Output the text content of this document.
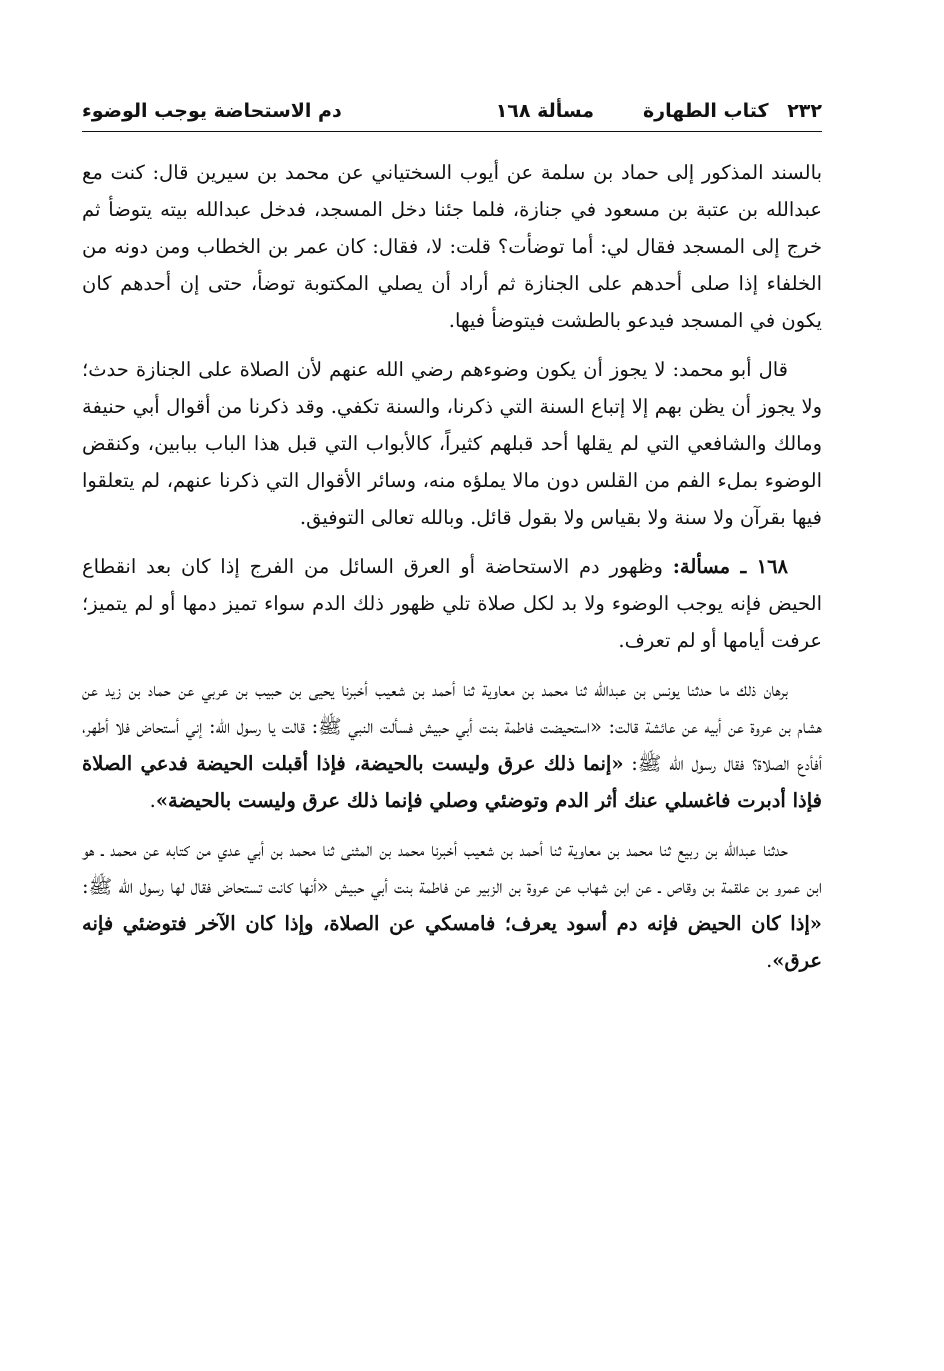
٢٣٢ كتاب الطهارة
مسألة ١٦٨
دم الاستحاضة يوجب الوضوء

بالسند المذكور إلى حماد بن سلمة عن أيوب السختياني عن محمد بن سيرين قال: كنت مع عبدالله بن عتبة بن مسعود في جنازة، فلما جئنا دخل المسجد، فدخل عبدالله بيته يتوضأ ثم خرج إلى المسجد فقال لي: أما توضأت؟ قلت: لا، فقال: كان عمر بن الخطاب ومن دونه من الخلفاء إذا صلى أحدهم على الجنازة ثم أراد أن يصلي المكتوبة توضأ، حتى إن أحدهم كان يكون في المسجد فيدعو بالطشت فيتوضأ فيها.

قال أبو محمد: لا يجوز أن يكون وضوءهم رضي الله عنهم لأن الصلاة على الجنازة حدث؛ ولا يجوز أن يظن بهم إلا إتباع السنة التي ذكرنا، والسنة تكفي. وقد ذكرنا من أقوال أبي حنيفة ومالك والشافعي التي لم يقلها أحد قبلهم كثيراً، كالأبواب التي قبل هذا الباب ببابين، وكنقض الوضوء بملء الفم من القلس دون مالا يملؤه منه، وسائر الأقوال التي ذكرنا عنهم، لم يتعلقوا فيها بقرآن ولا سنة ولا بقياس ولا بقول قائل. وبالله تعالى التوفيق.

١٦٨ ـ مسألة: وظهور دم الاستحاضة أو العرق السائل من الفرج إذا كان بعد انقطاع الحيض فإنه يوجب الوضوء ولا بد لكل صلاة تلي ظهور ذلك الدم سواء تميز دمها أو لم يتميز؛ عرفت أيامها أو لم تعرف.

برهان ذلك ما حدثنا يونس بن عبدالله ثنا محمد بن معاوية ثنا أحمد بن شعيب أخبرنا يحيى بن حبيب بن عربي عن حماد بن زيد عن هشام بن عروة عن أبيه عن عائشة قالت: «استحيضت فاطمة بنت أبي حبيش فسألت النبي ﷺ: قالت يا رسول الله: إني أستحاض فلا أطهر، أفأدع الصلاة؟ فقال رسول الله ﷺ: «إنما ذلك عرق وليست بالحيضة، فإذا أقبلت الحيضة فدعي الصلاة فإذا أدبرت فاغسلي عنك أثر الدم وتوضئي وصلي فإنما ذلك عرق وليست بالحيضة».

حدثنا عبدالله بن ربيع ثنا محمد بن معاوية ثنا أحمد بن شعيب أخبرنا محمد بن المثنى ثنا محمد بن أبي عدي من كتابه عن محمد ـ هو ابن عمرو بن علقمة بن وقاص ـ عن ابن شهاب عن عروة بن الزبير عن فاطمة بنت أبي حبيش «أنها كانت تستحاض فقال لها رسول الله ﷺ: «إذا كان الحيض فإنه دم أسود يعرف؛ فامسكي عن الصلاة، وإذا كان الآخر فتوضئي فإنه عرق».
